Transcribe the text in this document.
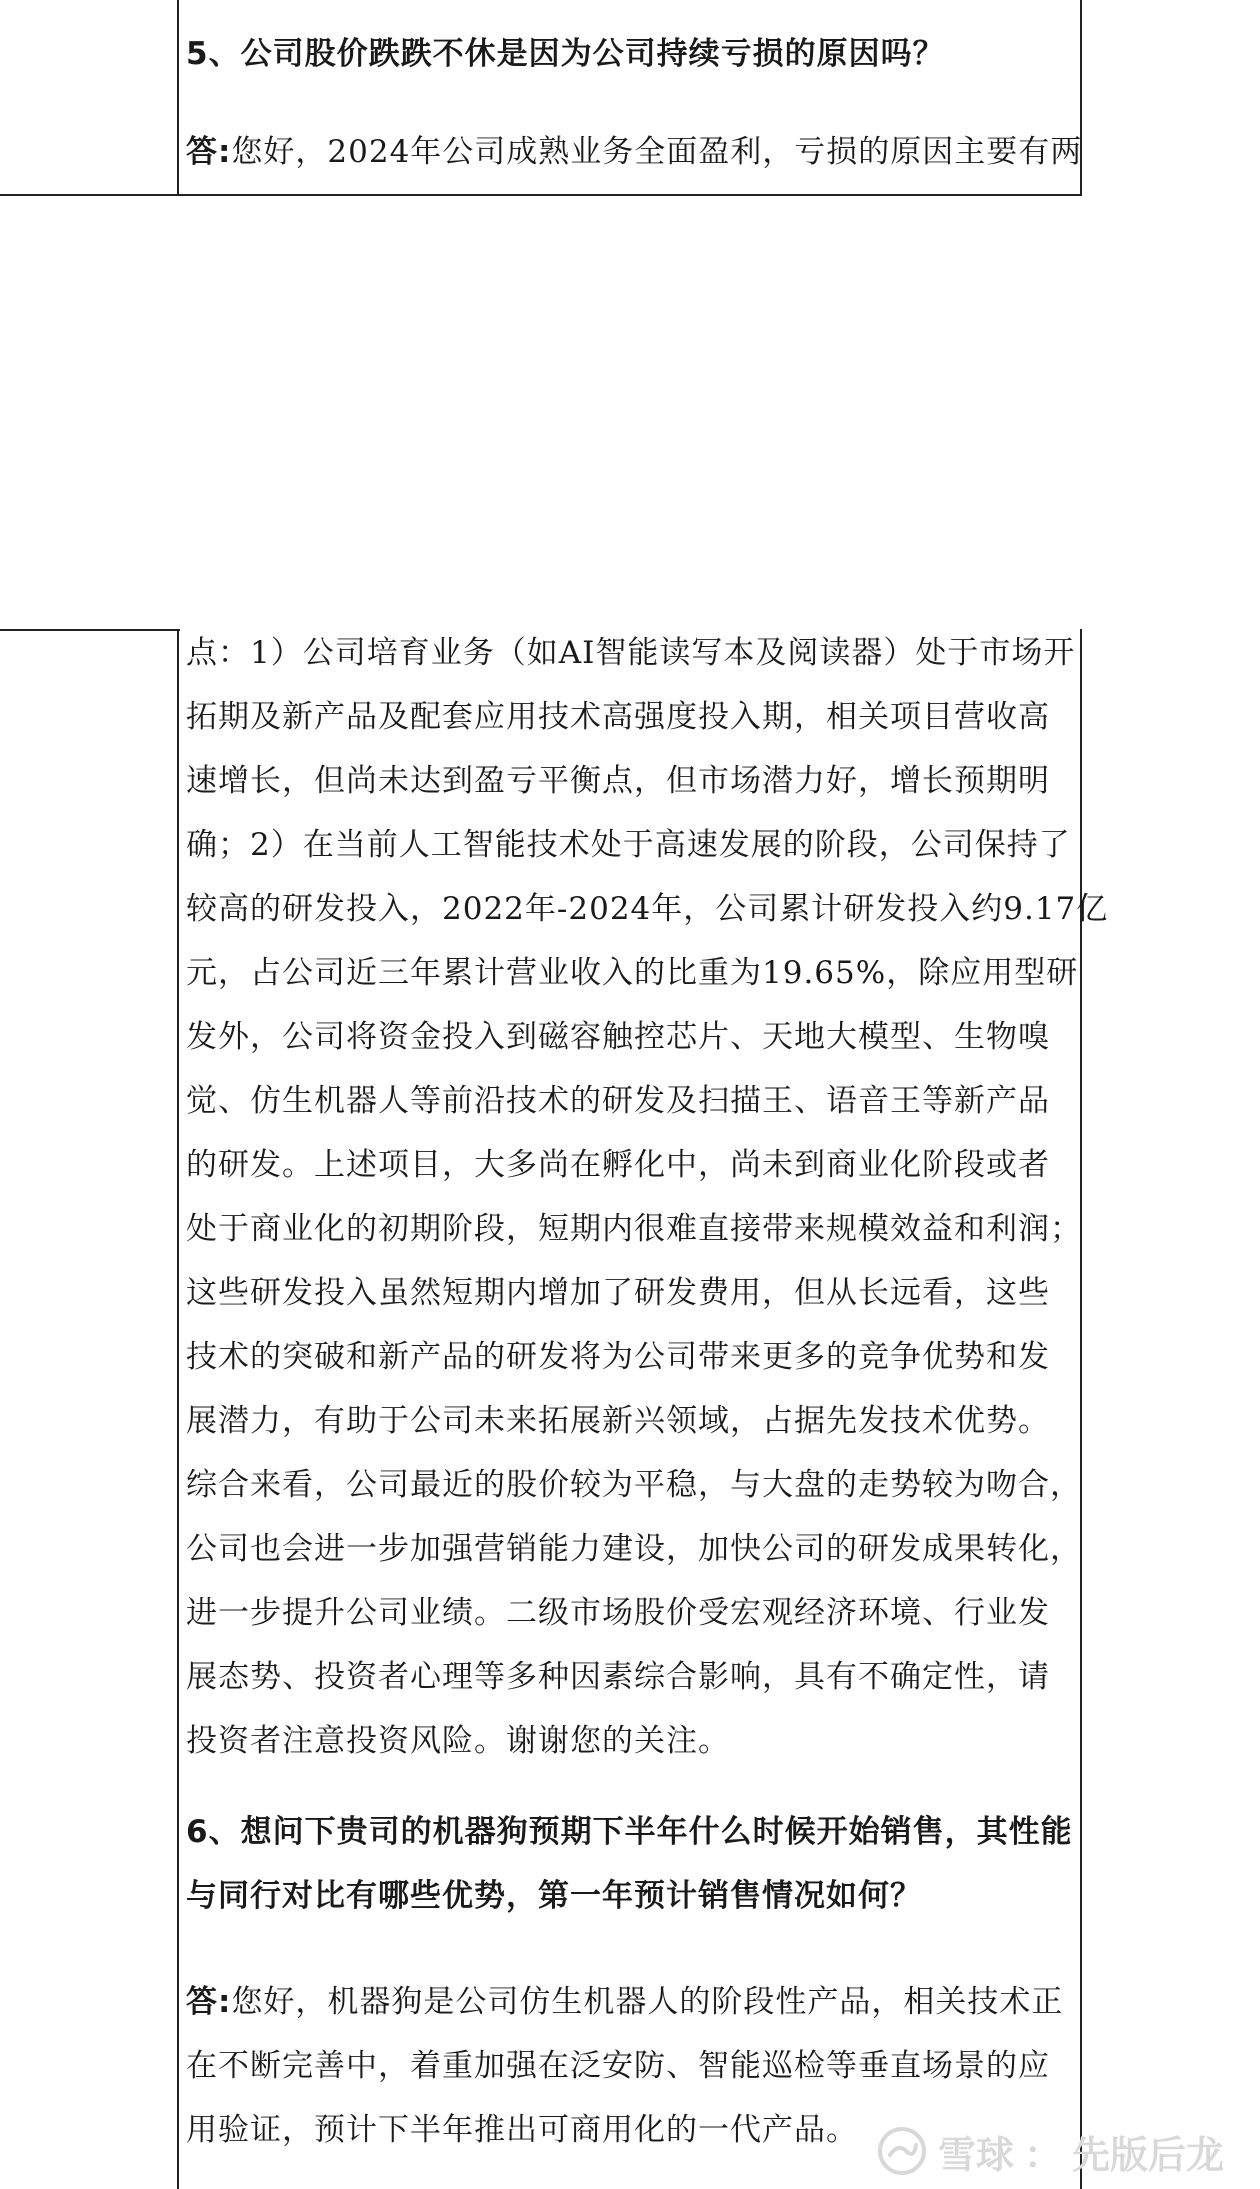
5、公司股价跌跌不休是因为公司持续亏损的原因吗？
答:您好，2024年公司成熟业务全面盈利，亏损的原因主要有两
点：1）公司培育业务（如AI智能读写本及阅读器）处于市场开
拓期及新产品及配套应用技术高强度投入期，相关项目营收高
速增长，但尚未达到盈亏平衡点，但市场潜力好，增长预期明
确；2）在当前人工智能技术处于高速发展的阶段，公司保持了
较高的研发投入，2022年-2024年，公司累计研发投入约9.17亿
元，占公司近三年累计营业收入的比重为19.65%，除应用型研
发外，公司将资金投入到磁容触控芯片、天地大模型、生物嗅
觉、仿生机器人等前沿技术的研发及扫描王、语音王等新产品
的研发。上述项目，大多尚在孵化中，尚未到商业化阶段或者
处于商业化的初期阶段，短期内很难直接带来规模效益和利润；
这些研发投入虽然短期内增加了研发费用，但从长远看，这些
技术的突破和新产品的研发将为公司带来更多的竞争优势和发
展潜力，有助于公司未来拓展新兴领域，占据先发技术优势。
综合来看，公司最近的股价较为平稳，与大盘的走势较为吻合，
公司也会进一步加强营销能力建设，加快公司的研发成果转化，
进一步提升公司业绩。二级市场股价受宏观经济环境、行业发
展态势、投资者心理等多种因素综合影响，具有不确定性，请
投资者注意投资风险。谢谢您的关注。
6、想问下贵司的机器狗预期下半年什么时候开始销售，其性能
与同行对比有哪些优势，第一年预计销售情况如何？
答:您好，机器狗是公司仿生机器人的阶段性产品，相关技术正
在不断完善中，着重加强在泛安防、智能巡检等垂直场景的应
用验证，预计下半年推出可商用化的一代产品。
雪球 ： 先版后龙
